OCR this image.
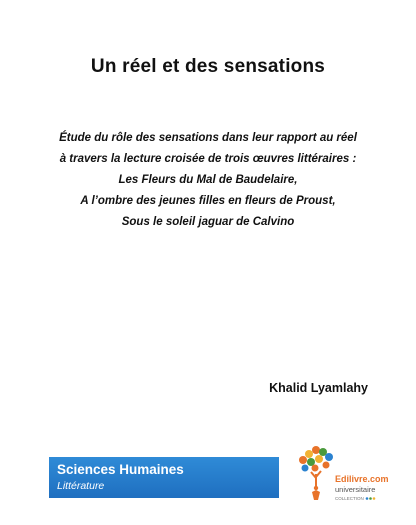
Un réel et des sensations
Étude du rôle des sensations dans leur rapport au réel
à travers la lecture croisée de trois œuvres littéraires :
Les Fleurs du Mal de Baudelaire,
A l’ombre des jeunes filles en fleurs de Proust,
Sous le soleil jaguar de Calvino
Khalid Lyamlahy
Sciences Humaines
Littérature
Edilivre.com
universitaire
COLLECTION
